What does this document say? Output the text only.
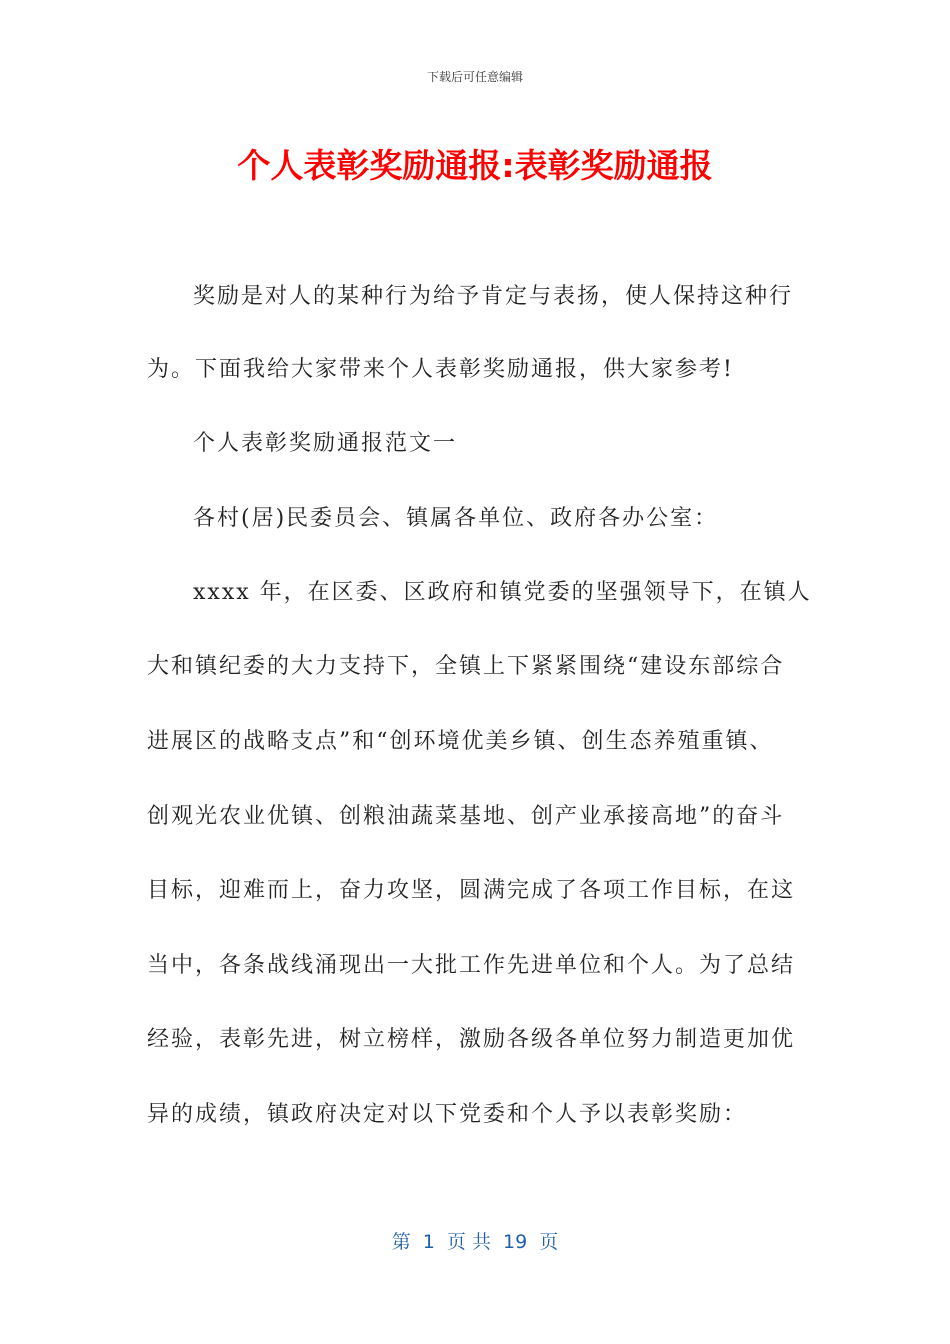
下载后可任意编辑
个人表彰奖励通报:表彰奖励通报
奖励是对人的某种行为给予肯定与表扬，使人保持这种行
为。下面我给大家带来个人表彰奖励通报，供大家参考!
个人表彰奖励通报范文一
各村(居)民委员会、镇属各单位、政府各办公室：
xxxx 年，在区委、区政府和镇党委的坚强领导下，在镇人
大和镇纪委的大力支持下，全镇上下紧紧围绕“建设东部综合
进展区的战略支点”和“创环境优美乡镇、创生态养殖重镇、
创观光农业优镇、创粮油蔬菜基地、创产业承接高地”的奋斗
目标，迎难而上，奋力攻坚，圆满完成了各项工作目标，在这
当中，各条战线涌现出一大批工作先进单位和个人。为了总结
经验，表彰先进，树立榜样，激励各级各单位努力制造更加优
异的成绩，镇政府决定对以下党委和个人予以表彰奖励：
第  1  页 共  19  页
